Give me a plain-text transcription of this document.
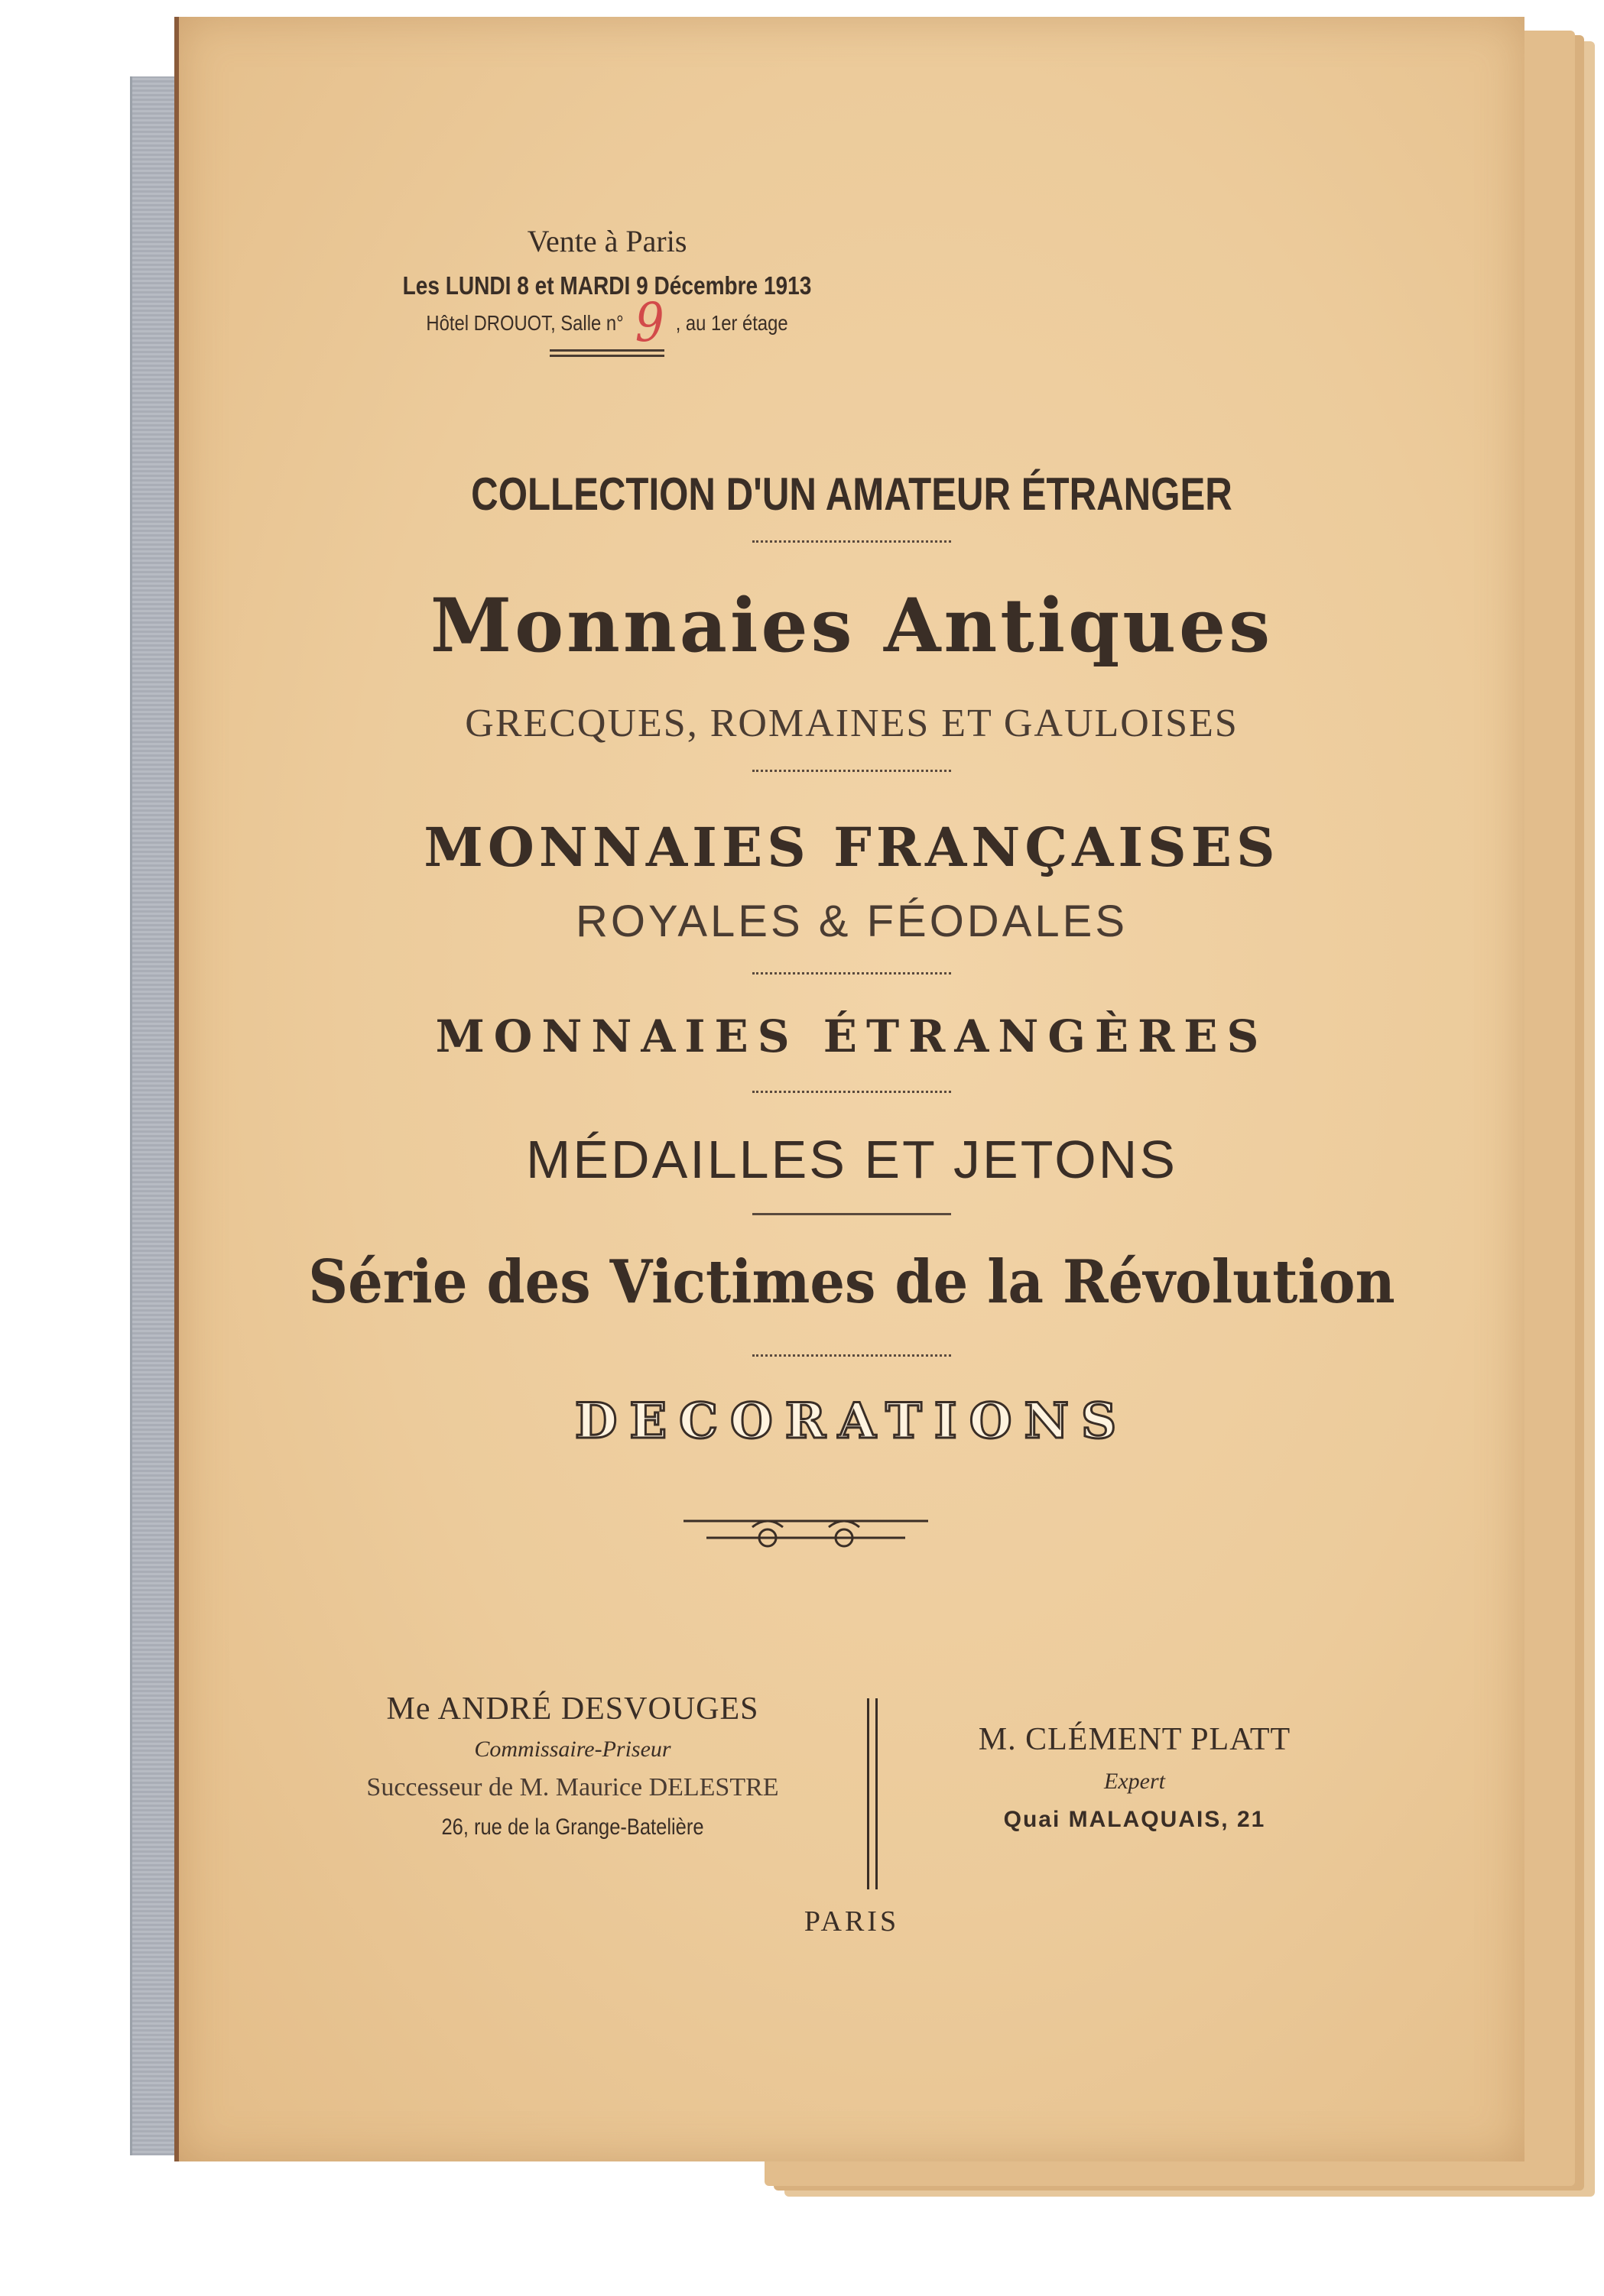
Vente à Paris
Les LUNDI 8 et MARDI 9 Décembre 1913
Hôtel DROUOT, Salle n° 9 , au 1er étage
COLLECTION D'UN AMATEUR ÉTRANGER
Monnaies Antiques
GRECQUES, ROMAINES ET GAULOISES
MONNAIES FRANÇAISES
ROYALES & FÉODALES
MONNAIES ÉTRANGÈRES
MÉDAILLES ET JETONS
Série des Victimes de la Révolution
DECORATIONS
Me ANDRÉ DESVOUGES
Commissaire-Priseur
Successeur de M. Maurice DELESTRE
26, rue de la Grange-Batelière
M. CLÉMENT PLATT
Expert
Quai MALAQUAIS, 21
PARIS
